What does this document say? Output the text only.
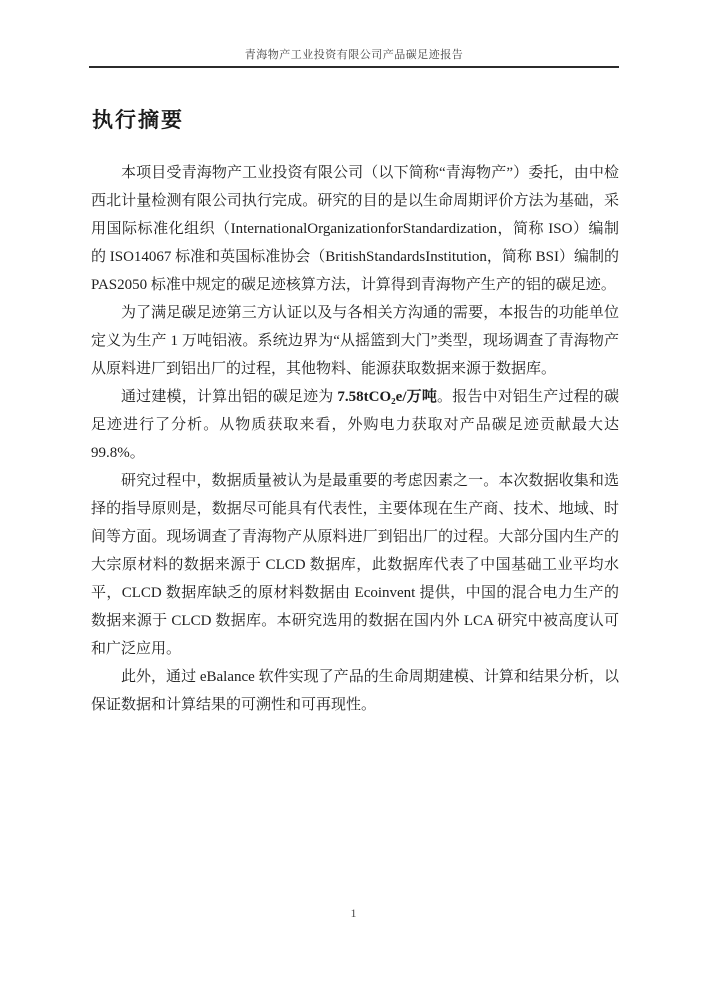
青海物产工业投资有限公司产品碳足迹报告
执行摘要

本项目受青海物产工业投资有限公司（以下简称“青海物产”）委托，由中检西北计量检测有限公司执行完成。研究的目的是以生命周期评价方法为基础，采用国际标准化组织（InternationalOrganizationforStandardization，简称 ISO）编制的 ISO14067 标准和英国标准协会（BritishStandardsInstitution，简称 BSI）编制的 PAS2050 标准中规定的碳足迹核算方法，计算得到青海物产生产的铝的碳足迹。

为了满足碳足迹第三方认证以及与各相关方沟通的需要，本报告的功能单位定义为生产 1 万吨铝液。系统边界为“从摇篮到大门”类型，现场调查了青海物产从原料进厂到铝出厂的过程，其他物料、能源获取数据来源于数据库。

通过建模，计算出铝的碳足迹为 7.58tCO₂e/万吨。报告中对铝生产过程的碳足迹进行了分析。从物质获取来看，外购电力获取对产品碳足迹贡献最大达 99.8%。

研究过程中，数据质量被认为是最重要的考虑因素之一。本次数据收集和选择的指导原则是，数据尽可能具有代表性，主要体现在生产商、技术、地域、时间等方面。现场调查了青海物产从原料进厂到铝出厂的过程。大部分国内生产的大宗原材料的数据来源于 CLCD 数据库，此数据库代表了中国基础工业平均水平，CLCD 数据库缺乏的原材料数据由 Ecoinvent 提供，中国的混合电力生产的数据来源于 CLCD 数据库。本研究选用的数据在国内外 LCA 研究中被高度认可和广泛应用。

此外，通过 eBalance 软件实现了产品的生命周期建模、计算和结果分析，以保证数据和计算结果的可溯性和可再现性。

1
